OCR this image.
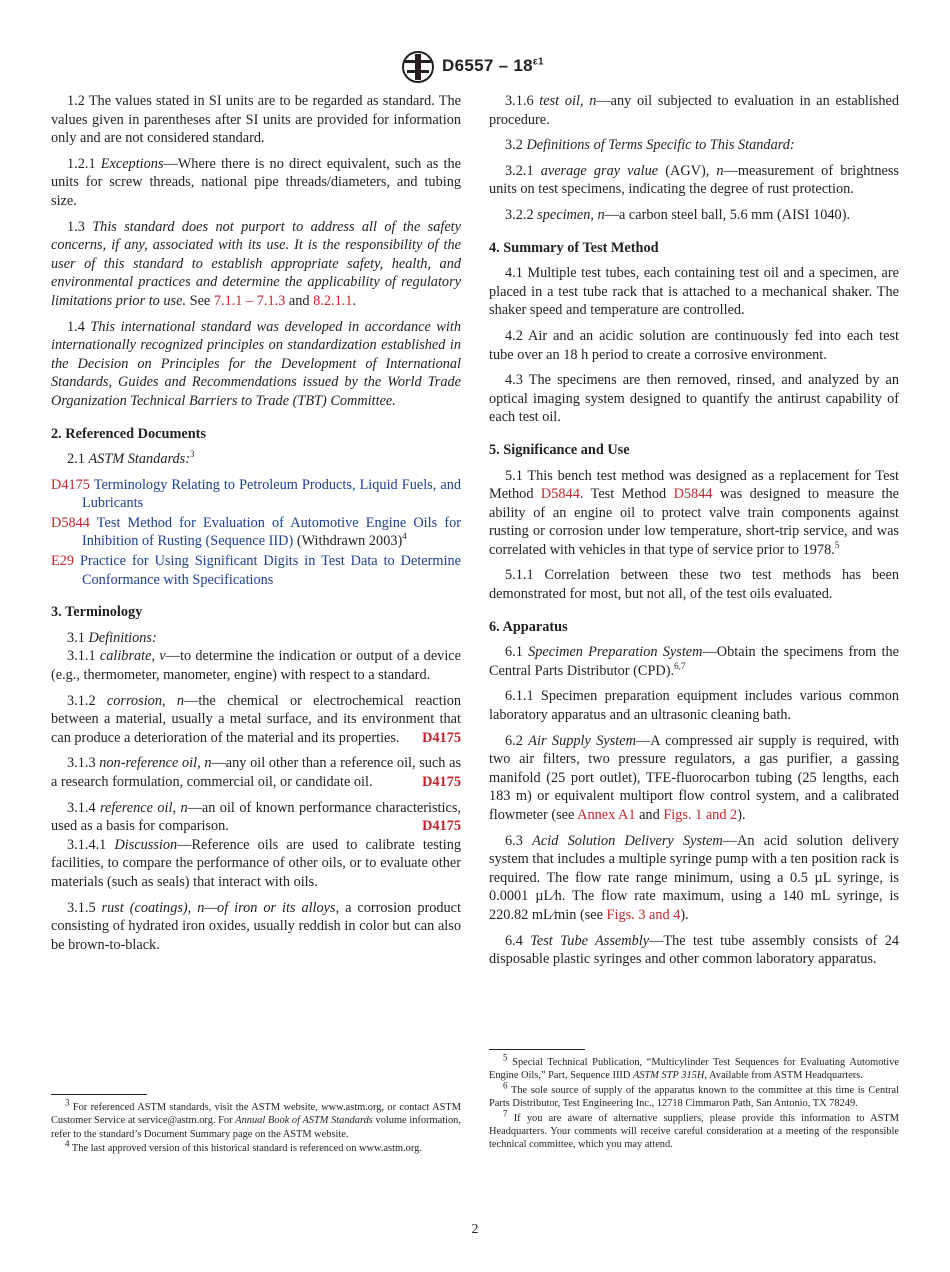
$D6557 - 18^{\varepsilon 1}$

1.2 The values stated in SI units are to be regarded as standard. The values given in parentheses after SI units are provided for information only and are not considered standard.

1.2.1 Exceptions—Where there is no direct equivalent, such as the units for screw threads, national pipe threads/diameters, and tubing size.

1.3 This standard does not purport to address all of the safety concerns, if any, associated with its use. It is the responsibility of the user of this standard to establish appropriate safety, health, and environmental practices and determine the applicability of regulatory limitations prior to use. See 7.1.1 – 7.1.3 and 8.2.1.1.

1.4 This international standard was developed in accordance with internationally recognized principles on standardization established in the Decision on Principles for the Development of International Standards, Guides and Recommendations issued by the World Trade Organization Technical Barriers to Trade (TBT) Committee.

2. Referenced Documents

2.1 ASTM Standards:$^3$

D4175 Terminology Relating to Petroleum Products, Liquid Fuels, and Lubricants

D5844 Test Method for Evaluation of Automotive Engine Oils for Inhibition of Rusting (Sequence IID) (Withdrawn 2003)$^4$

E29 Practice for Using Significant Digits in Test Data to Determine Conformance with Specifications

3. Terminology

3.1 Definitions:

3.1.1 calibrate, v—to determine the indication or output of a device (e.g., thermometer, manometer, engine) with respect to a standard.

3.1.2 corrosion, n—the chemical or electrochemical reaction between a material, usually a metal surface, and its environment that can produce a deterioration of the material and its properties.	D4175

3.1.3 non-reference oil, n—any oil other than a reference oil, such as a research formulation, commercial oil, or candidate oil.	D4175

3.1.4 reference oil, n—an oil of known performance characteristics, used as a basis for comparison.	D4175

3.1.4.1 Discussion—Reference oils are used to calibrate testing facilities, to compare the performance of other oils, or to evaluate other materials (such as seals) that interact with oils.

3.1.5 rust (coatings), n—of iron or its alloys, a corrosion product consisting of hydrated iron oxides, usually reddish in color but can also be brown-to-black.

3.1.6 test oil, n—any oil subjected to evaluation in an established procedure.

3.2 Definitions of Terms Specific to This Standard:

3.2.1 average gray value (AGV), n—measurement of brightness units on test specimens, indicating the degree of rust protection.

3.2.2 specimen, n—a carbon steel ball, 5.6 mm (AISI 1040).

4. Summary of Test Method

4.1 Multiple test tubes, each containing test oil and a specimen, are placed in a test tube rack that is attached to a mechanical shaker. The shaker speed and temperature are controlled.

4.2 Air and an acidic solution are continuously fed into each test tube over an 18 h period to create a corrosive environment.

4.3 The specimens are then removed, rinsed, and analyzed by an optical imaging system designed to quantify the antirust capability of each test oil.

5. Significance and Use

5.1 This bench test method was designed as a replacement for Test Method D5844. Test Method D5844 was designed to measure the ability of an engine oil to protect valve train components against rusting or corrosion under low temperature, short-trip service, and was correlated with vehicles in that type of service prior to 1978.$^5$

5.1.1 Correlation between these two test methods has been demonstrated for most, but not all, of the test oils evaluated.

6. Apparatus

6.1 Specimen Preparation System—Obtain the specimens from the Central Parts Distributor (CPD).$^{6,7}$

6.1.1 Specimen preparation equipment includes various common laboratory apparatus and an ultrasonic cleaning bath.

6.2 Air Supply System—A compressed air supply is required, with two air filters, two pressure regulators, a gas purifier, a gassing manifold (25 port outlet), TFE-fluorocarbon tubing (25 lengths, each 183 m) or equivalent multiport flow control system, and a calibrated flowmeter (see Annex A1 and Figs. 1 and 2).

6.3 Acid Solution Delivery System—An acid solution delivery system that includes a multiple syringe pump with a ten position rack is required. The flow rate range minimum, using a 0.5 µL syringe, is 0.0001 µL⁄h. The flow rate maximum, using a 140 mL syringe, is 220.82 mL⁄min (see Figs. 3 and 4).

6.4 Test Tube Assembly—The test tube assembly consists of 24 disposable plastic syringes and other common laboratory apparatus.

$^3$ For referenced ASTM standards, visit the ASTM website, www.astm.org, or contact ASTM Customer Service at service@astm.org. For Annual Book of ASTM Standards volume information, refer to the standard’s Document Summary page on the ASTM website.

$^4$ The last approved version of this historical standard is referenced on www.astm.org.

$^5$ Special Technical Publication, “Multicylinder Test Sequences for Evaluating Automotive Engine Oils,” Part, Sequence IIID ASTM STP 315H, Available from ASTM Headquarters.

$^6$ The sole source of supply of the apparatus known to the committee at this time is Central Parts Distributor, Test Engineering Inc., 12718 Cimmaron Path, San Antonio, TX 78249.

$^7$ If you are aware of alternative suppliers, please provide this information to ASTM Headquarters. Your comments will receive careful consideration at a meeting of the responsible technical committee, which you may attend.

2
